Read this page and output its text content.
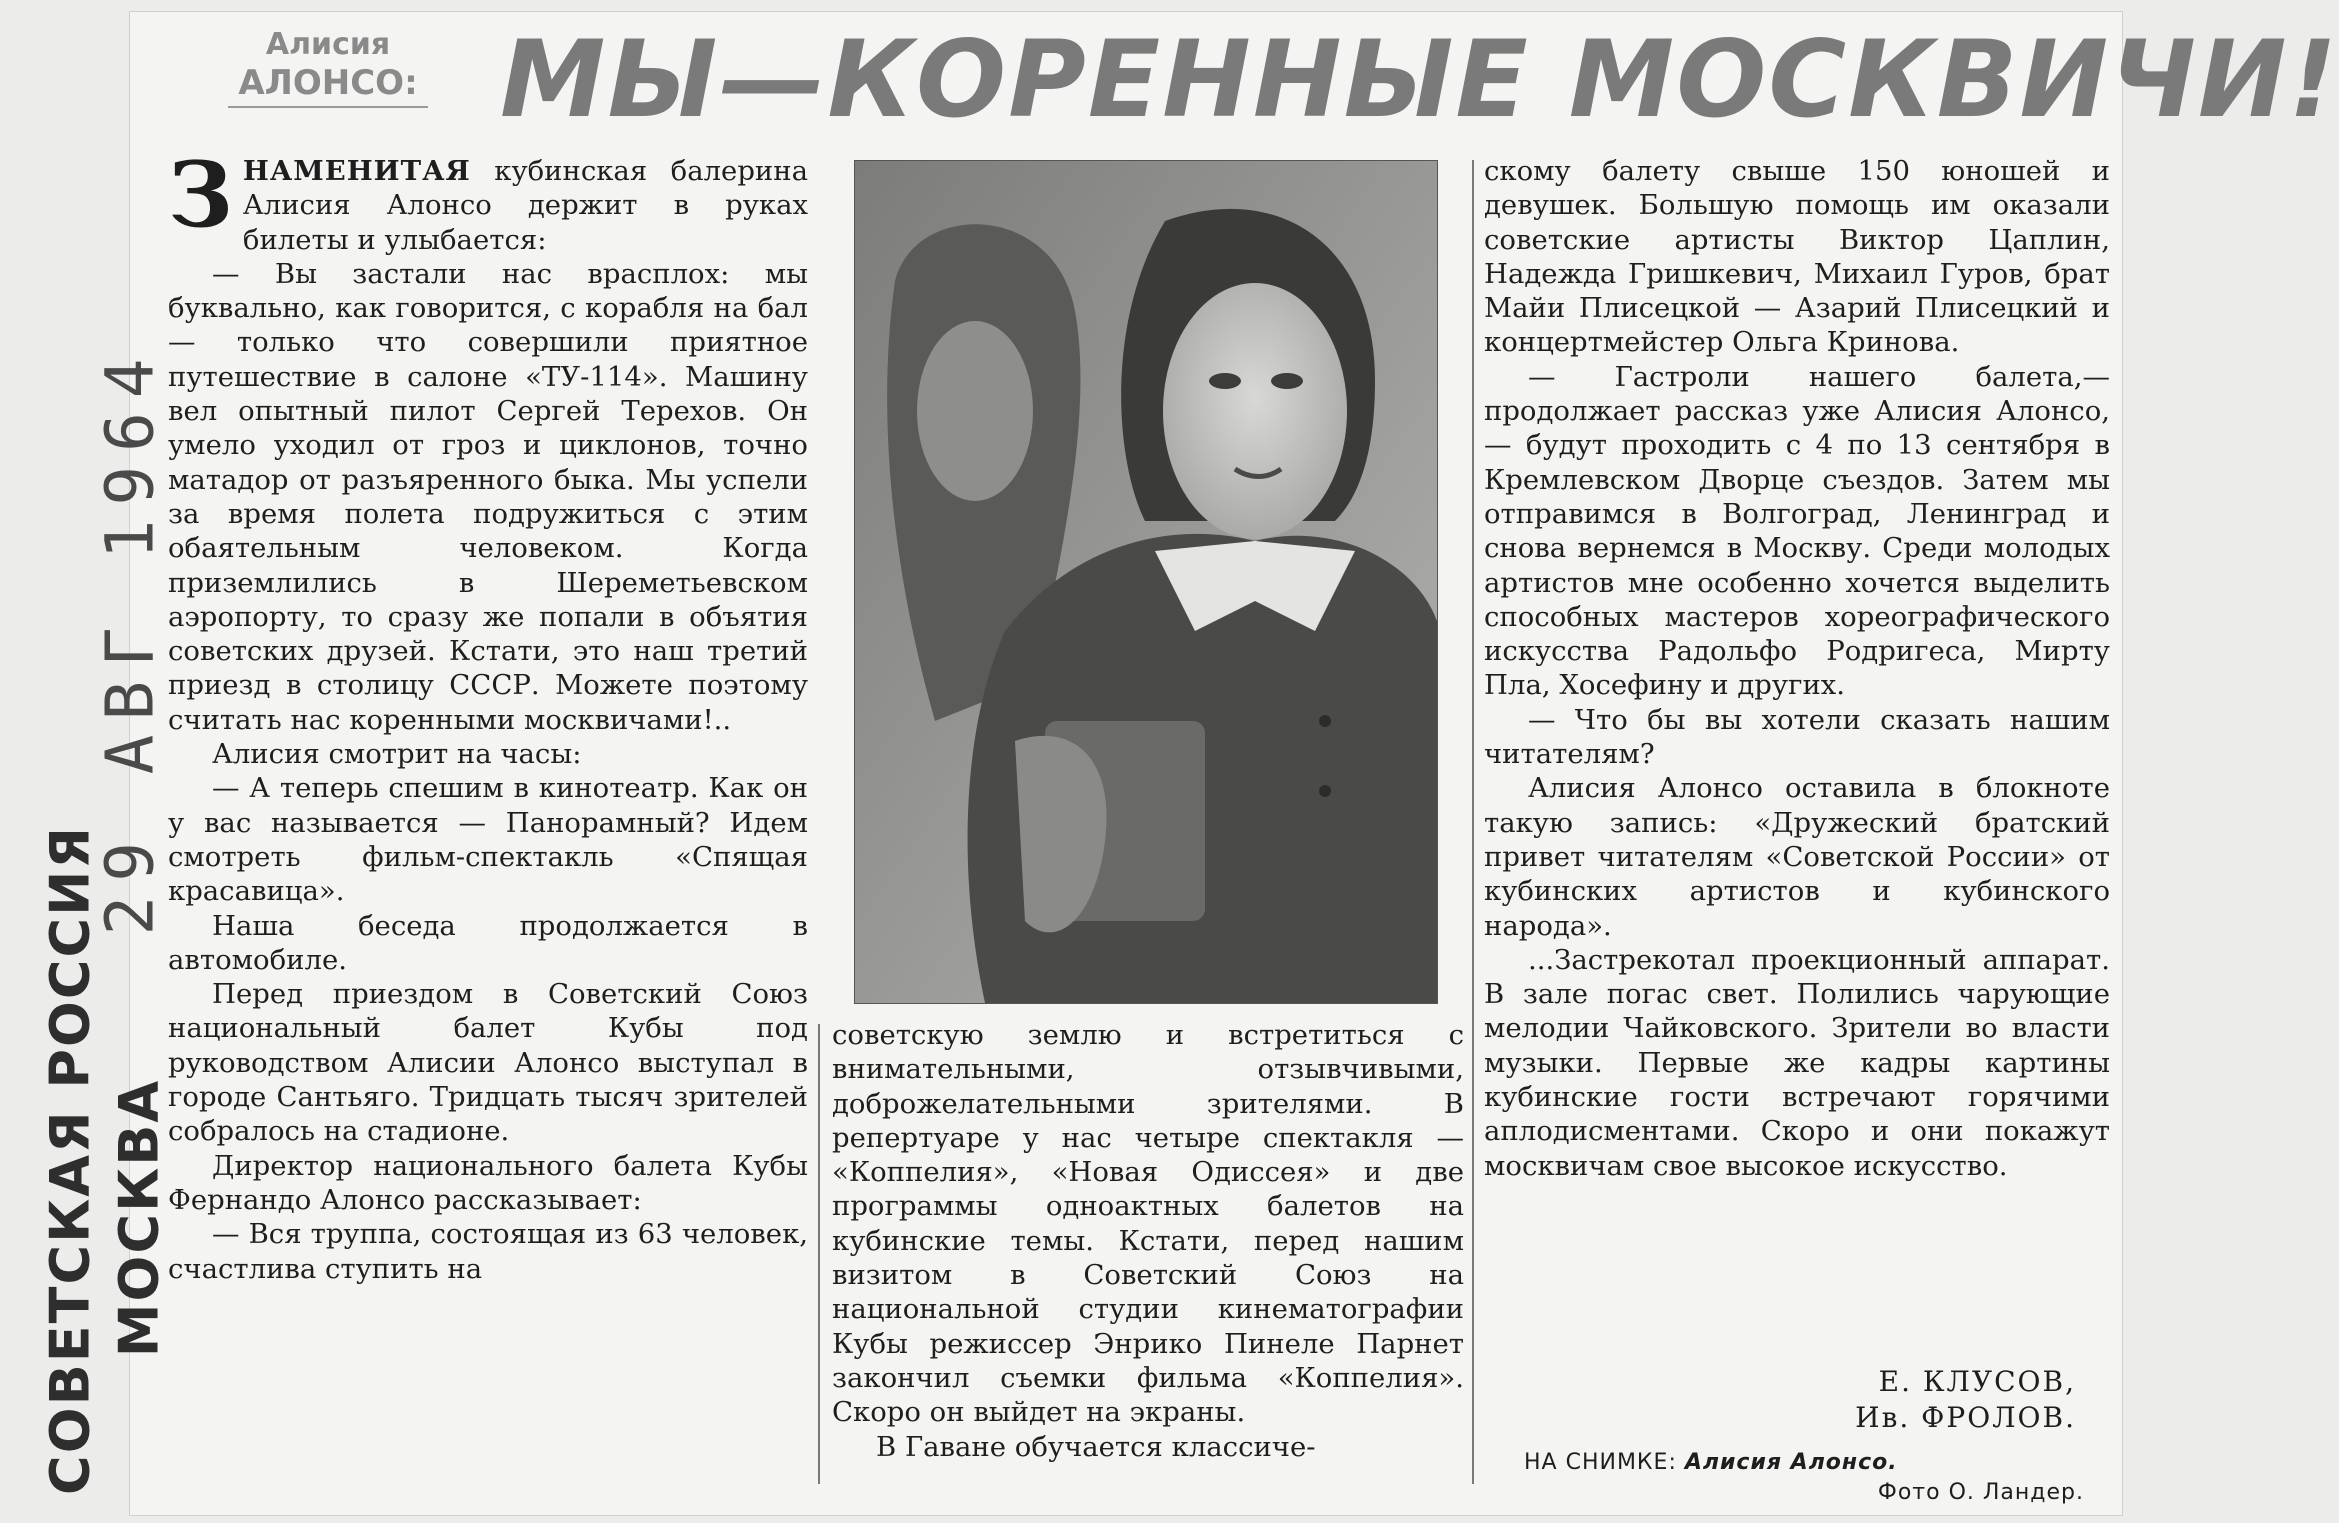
29 АВГ 1964
СОВЕТСКАЯ РОССИЯ МОСКВА
Алисия
АЛОНСО: МЫ—КОРЕННЫЕ МОСКВИЧИ!

ЗНАМЕНИТАЯ кубинская балерина Алисия Алонсо держит в руках билеты и улыбается:

— Вы застали нас врасплох: мы буквально, как говорится, с корабля на бал — только что совершили приятное путешествие в салоне «ТУ-114». Машину вел опытный пилот Сергей Терехов. Он умело уходил от гроз и циклонов, точно матадор от разъяренного быка. Мы успели за время полета подружиться с этим обаятельным человеком. Когда приземлились в Шереметьевском аэропорту, то сразу же попали в объятия советских друзей. Кстати, это наш третий приезд в столицу СССР. Можете поэтому считать нас коренными москвичами!..

Алисия смотрит на часы:

— А теперь спешим в кинотеатр. Как он у вас называется — Панорамный? Идем смотреть фильм-спектакль «Спящая красавица».

Наша беседа продолжается в автомобиле.

Перед приездом в Советский Союз национальный балет Кубы под руководством Алисии Алонсо выступал в городе Сантьяго. Тридцать тысяч зрителей собралось на стадионе.

Директор национального балета Кубы Фернандо Алонсо рассказывает:

— Вся труппа, состоящая из 63 человек, счастлива ступить на

советскую землю и встретиться с внимательными, отзывчивыми, доброжелательными зрителями. В репертуаре у нас четыре спектакля — «Коппелия», «Новая Одиссея» и две программы одноактных балетов на кубинские темы. Кстати, перед нашим визитом в Советский Союз на национальной студии кинематографии Кубы режиссер Энрико Пинеле Парнет закончил съемки фильма «Коппелия». Скоро он выйдет на экраны.

В Гаване обучается классиче-

скому балету свыше 150 юношей и девушек. Большую помощь им оказали советские артисты Виктор Цаплин, Надежда Гришкевич, Михаил Гуров, брат Майи Плисецкой — Азарий Плисецкий и концертмейстер Ольга Кринова.

— Гастроли нашего балета,— продолжает рассказ уже Алисия Алонсо,— будут проходить с 4 по 13 сентября в Кремлевском Дворце съездов. Затем мы отправимся в Волгоград, Ленинград и снова вернемся в Москву. Среди молодых артистов мне особенно хочется выделить способных мастеров хореографического искусства Радольфо Родригеса, Мирту Пла, Хосефину и других.

— Что бы вы хотели сказать нашим читателям?

Алисия Алонсо оставила в блокноте такую запись: «Дружеский братский привет читателям «Советской России» от кубинских артистов и кубинского народа».

...Застрекотал проекционный аппарат. В зале погас свет. Полились чарующие мелодии Чайковского. Зрители во власти музыки. Первые же кадры картины кубинские гости встречают горячими аплодисментами. Скоро и они покажут москвичам свое высокое искусство.

Е. КЛУСОВ,
Ив. ФРОЛОВ.
НА СНИМКЕ: Алисия Алонсо.
Фото О. Ландер.
